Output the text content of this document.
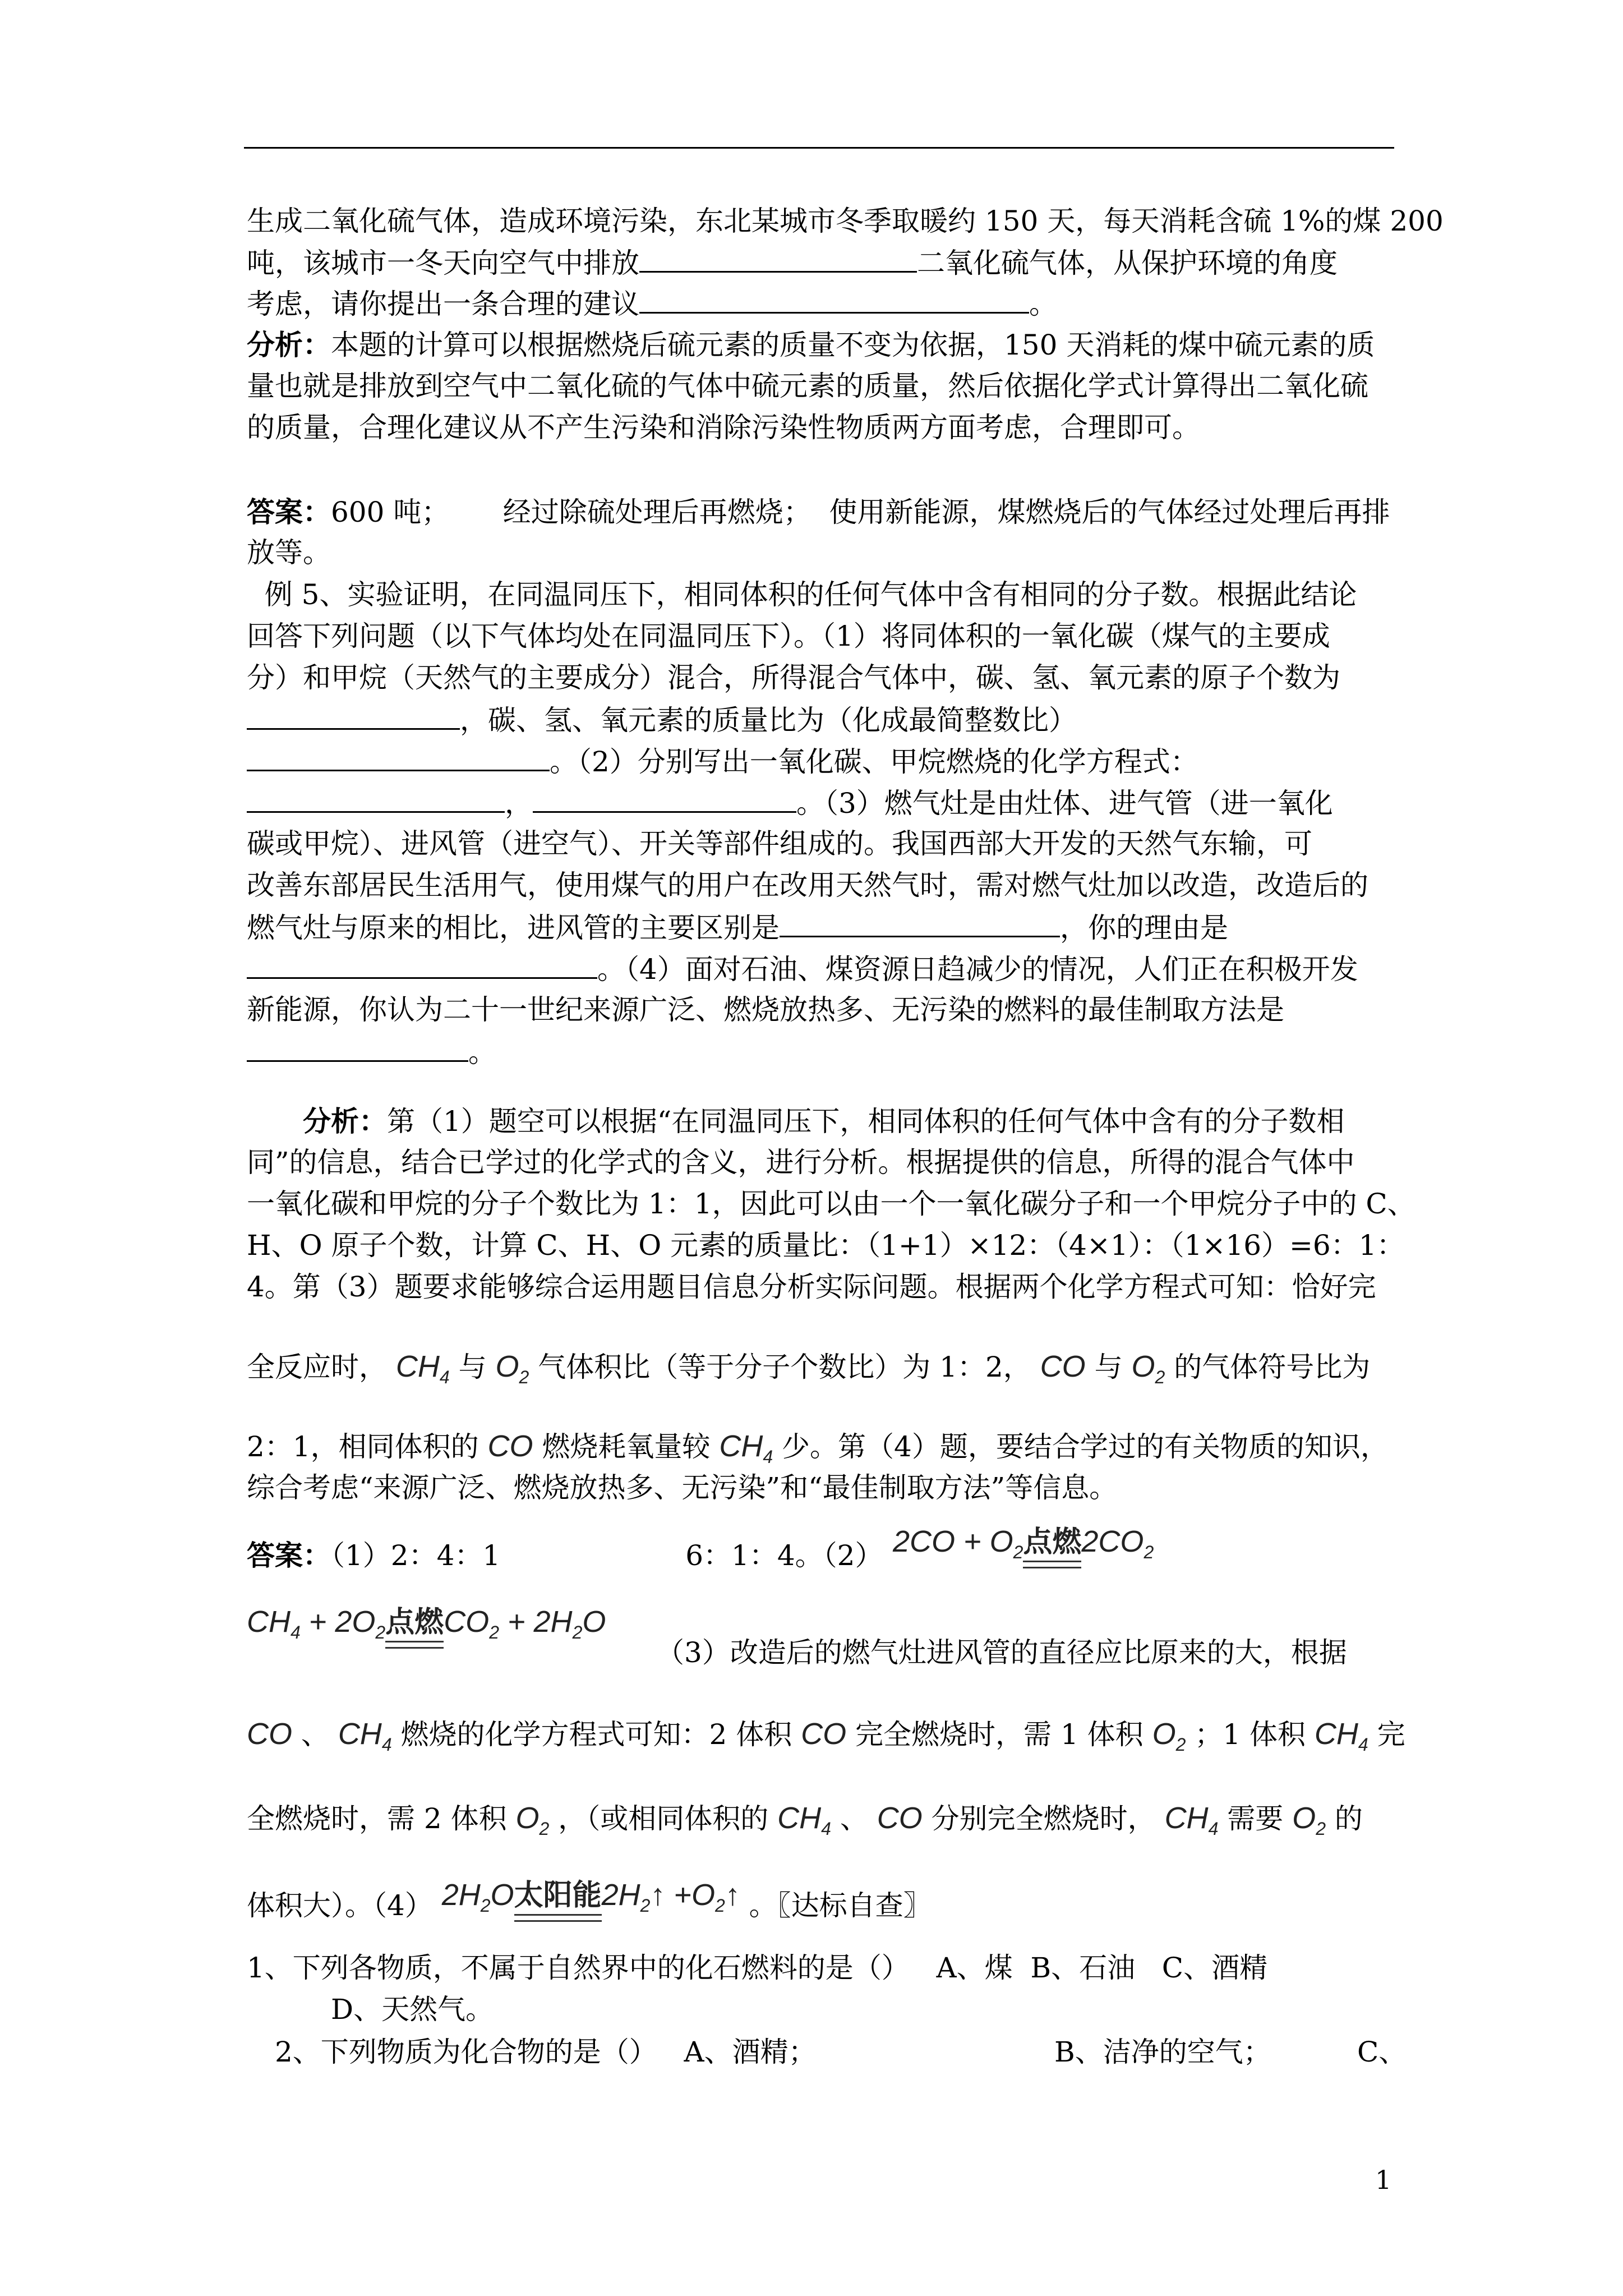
生成二氧化硫气体，造成环境污染，东北某城市冬季取暖约 150 天，每天消耗含硫 1%的煤 200
吨，该城市一冬天向空气中排放	二氧化硫气体，从保护环境的角度
考虑，请你提出一条合理的建议	。
分析：本题的计算可以根据燃烧后硫元素的质量不变为依据，150 天消耗的煤中硫元素的质
量也就是排放到空气中二氧化硫的气体中硫元素的质量，然后依据化学式计算得出二氧化硫
的质量，合理化建议从不产生污染和消除污染性物质两方面考虑，合理即可。
答案：600 吨；      经过除硫处理后再燃烧；  使用新能源，煤燃烧后的气体经过处理后再排
放等。
例 5、实验证明，在同温同压下，相同体积的任何气体中含有相同的分子数。根据此结论
回答下列问题（以下气体均处在同温同压下）。（1）将同体积的一氧化碳（煤气的主要成
分）和甲烷（天然气的主要成分）混合，所得混合气体中，碳、氢、氧元素的原子个数为
，碳、氢、氧元素的质量比为（化成最简整数比）
。（2）分别写出一氧化碳、甲烷燃烧的化学方程式：
，	。（3）燃气灶是由灶体、进气管（进一氧化
碳或甲烷）、进风管（进空气）、开关等部件组成的。我国西部大开发的天然气东输，可
改善东部居民生活用气，使用煤气的用户在改用天然气时，需对燃气灶加以改造，改造后的
燃气灶与原来的相比，进风管的主要区别是	，你的理由是
。（4）面对石油、煤资源日趋减少的情况，人们正在积极开发
新能源，你认为二十一世纪来源广泛、燃烧放热多、无污染的燃料的最佳制取方法是
。
分析：第（1）题空可以根据“在同温同压下，相同体积的任何气体中含有的分子数相
同”的信息，结合已学过的化学式的含义，进行分析。根据提供的信息，所得的混合气体中
一氧化碳和甲烷的分子个数比为 1：1，因此可以由一个一氧化碳分子和一个甲烷分子中的 C、
H、O 原子个数，计算 C、H、O 元素的质量比：（1+1）×12：（4×1）：（1×16）=6：1：
4。第（3）题要求能够综合运用题目信息分析实际问题。根据两个化学方程式可知：恰好完
全反应时， $CH_4$ 与 $O_2$ 气体积比（等于分子个数比）为 1：2， CO 与 $O_2$ 的气体符号比为
2：1，相同体积的 CO 燃烧耗氧量较 $CH_4$ 少。第（4）题，要结合学过的有关物质的知识，
综合考虑“来源广泛、燃烧放热多、无污染”和“最佳制取方法”等信息。
答案：（1）2：4：1	6：1：4。（2） $2CO + O_2$点燃$2CO_2$
$CH_4 + 2O_2$点燃$CO_2 + 2H_2O$
（3）改造后的燃气灶进风管的直径应比原来的大，根据
CO 、 $CH_4$ 燃烧的化学方程式可知：2 体积 CO 完全燃烧时，需 1 体积 $O_2$ ；1 体积 $CH_4$ 完
全燃烧时，需 2 体积 $O_2$ ，（或相同体积的 $CH_4$ 、 CO 分别完全燃烧时， $CH_4$ 需要 $O_2$ 的
体积大）。（4） $2H_2O$太阳能$2H_2↑$ $+O_2↑$ 。〖达标自查〗
1、下列各物质，不属于自然界中的化石燃料的是（）   A、煤  B、石油   C、酒精
D、天然气。
2、下列物质为化合物的是（）   A、酒精；	B、洁净的空气；	C、
1
